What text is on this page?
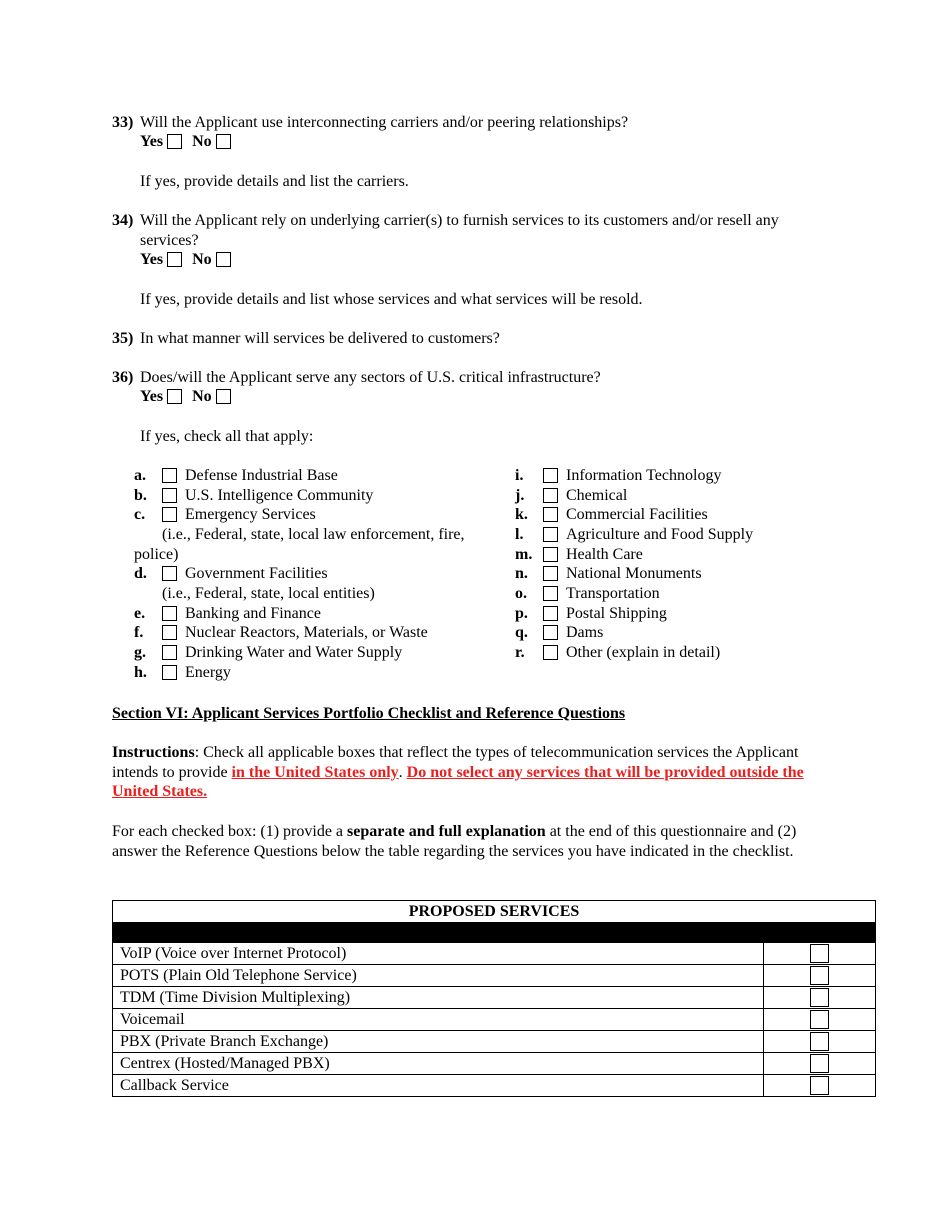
33) Will the Applicant use interconnecting carriers and/or peering relationships?
Yes No
If yes, provide details and list the carriers.
34) Will the Applicant rely on underlying carrier(s) to furnish services to its customers and/or resell any services?
Yes No
If yes, provide details and list whose services and what services will be resold.
35) In what manner will services be delivered to customers?
36) Does/will the Applicant serve any sectors of U.S. critical infrastructure?
Yes No
If yes, check all that apply:
a. Defense Industrial Base
b. U.S. Intelligence Community
c. Emergency Services
(i.e., Federal, state, local law enforcement, fire,
police)
d. Government Facilities
(i.e., Federal, state, local entities)
e. Banking and Finance
f.	Nuclear Reactors, Materials, or Waste
g. Drinking Water and Water Supply
h. Energy
i.	Information Technology
j.	Chemical
k. Commercial Facilities
l.	Agriculture and Food Supply
m. Health Care
n. National Monuments
o. Transportation
p. Postal Shipping
q. Dams
r.	Other (explain in detail)
Section VI: Applicant Services Portfolio Checklist and Reference Questions
Instructions: Check all applicable boxes that reflect the types of telecommunication services the Applicant intends to provide in the United States only. Do not select any services that will be provided outside the United States.
For each checked box: (1) provide a separate and full explanation at the end of this questionnaire and (2) answer the Reference Questions below the table regarding the services you have indicated in the checklist.
PROPOSED SERVICES	

VoIP (Voice over Internet Protocol)	
POTS (Plain Old Telephone Service)	
TDM (Time Division Multiplexing)	
Voicemail	
PBX (Private Branch Exchange)	
Centrex (Hosted/Managed PBX)	
Callback Service	
